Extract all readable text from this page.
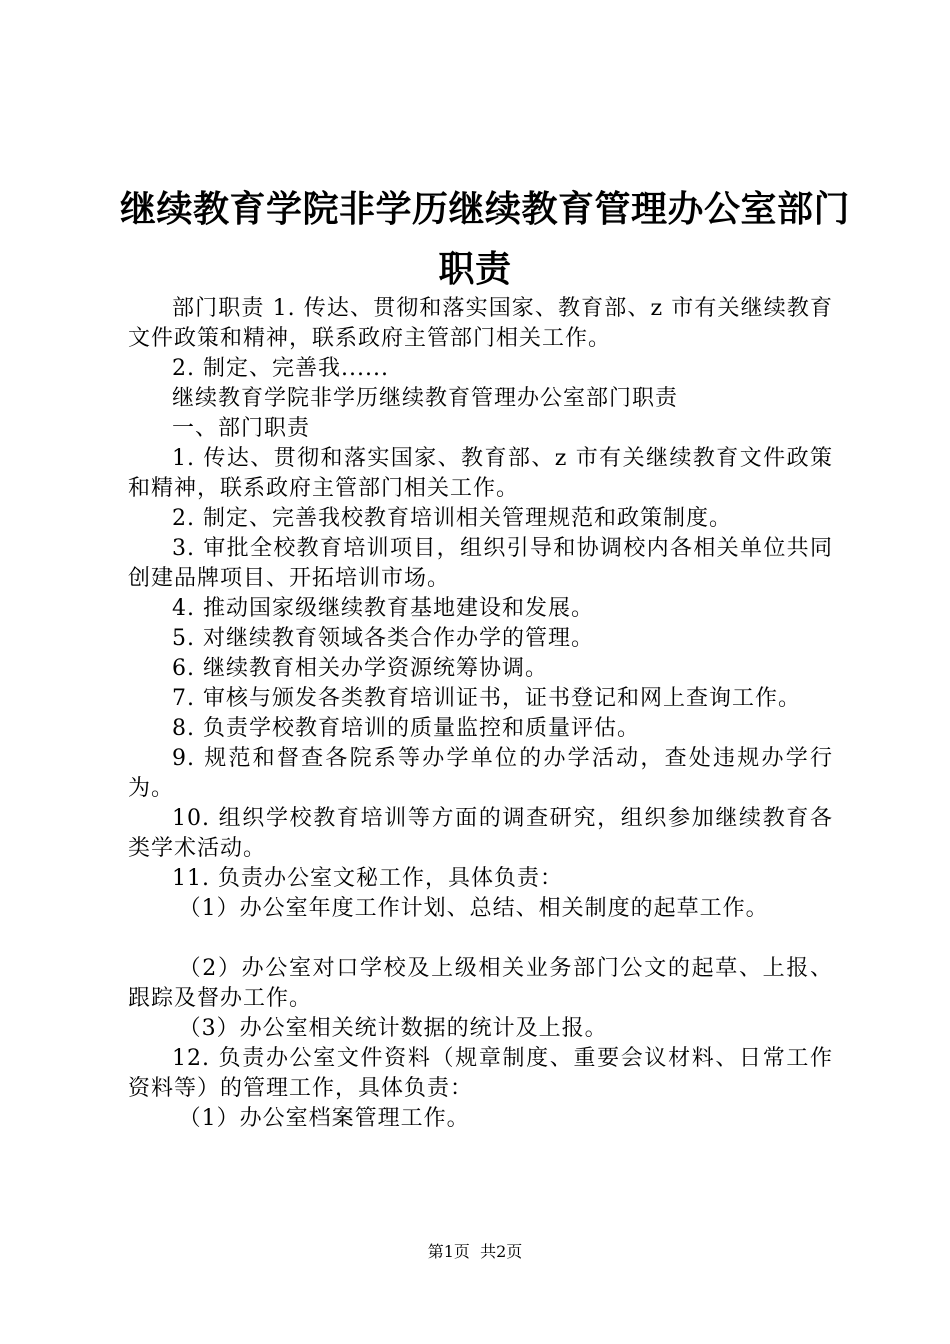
继续教育学院非学历继续教育管理办公室部门
职责

部门职责 1. 传达、贯彻和落实国家、教育部、z 市有关继续教育文件政策和精神，联系政府主管部门相关工作。

2. 制定、完善我......

继续教育学院非学历继续教育管理办公室部门职责

一、部门职责

1. 传达、贯彻和落实国家、教育部、z 市有关继续教育文件政策和精神，联系政府主管部门相关工作。

2. 制定、完善我校教育培训相关管理规范和政策制度。

3. 审批全校教育培训项目，组织引导和协调校内各相关单位共同创建品牌项目、开拓培训市场。

4. 推动国家级继续教育基地建设和发展。

5. 对继续教育领域各类合作办学的管理。

6. 继续教育相关办学资源统筹协调。

7. 审核与颁发各类教育培训证书，证书登记和网上查询工作。

8. 负责学校教育培训的质量监控和质量评估。

9. 规范和督查各院系等办学单位的办学活动，查处违规办学行为。

10. 组织学校教育培训等方面的调查研究，组织参加继续教育各类学术活动。

11. 负责办公室文秘工作，具体负责：

（1）办公室年度工作计划、总结、相关制度的起草工作。

（2）办公室对口学校及上级相关业务部门公文的起草、上报、跟踪及督办工作。

（3）办公室相关统计数据的统计及上报。

12. 负责办公室文件资料（规章制度、重要会议材料、日常工作资料等）的管理工作，具体负责：

（1）办公室档案管理工作。

第1页  共2页
